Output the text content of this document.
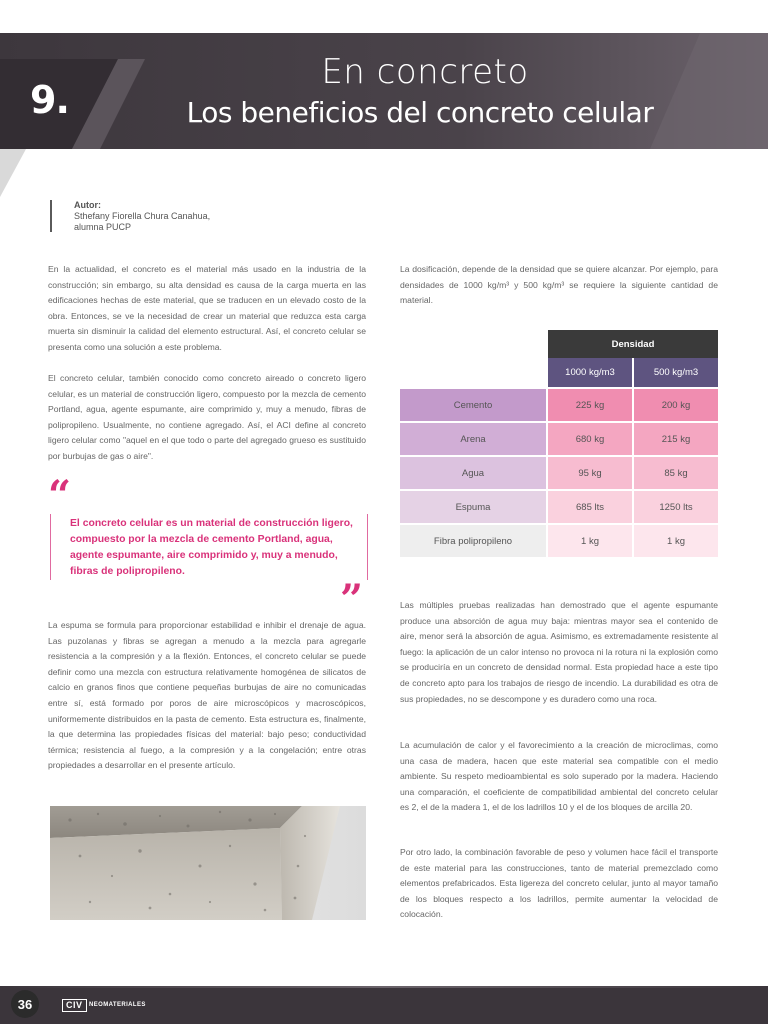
9.
En concreto
Los beneficios del concreto celular
Autor:
Sthefany Fiorella Chura Canahua,
alumna PUCP

En la actualidad, el concreto es el material más usado en la industria de la construcción; sin embargo, su alta densidad es causa de la carga muerta en las edificaciones hechas de este material, que se traducen en un elevado costo de la obra. Entonces, se ve la necesidad de crear un material que reduzca esta carga muerta sin disminuir la calidad del elemento estructural. Así, el concreto celular se presenta como una solución a este problema.

El concreto celular, también conocido como concreto aireado o concreto ligero celular, es un material de construcción ligero, compuesto por la mezcla de cemento Portland, agua, agente espumante, aire comprimido y, muy a menudo, fibras de polipropileno. Usualmente, no contiene agregado. Así, el ACI define al concreto ligero celular como "aquel en el que todo o parte del agregado grueso es sustituido por burbujas de gas o aire".

“
El concreto celular es un material de construcción ligero, compuesto por la mezcla de cemento Portland, agua, agente espumante, aire comprimido y, muy a menudo, fibras de polipropileno.
”

La espuma se formula para proporcionar estabilidad e inhibir el drenaje de agua. Las puzolanas y fibras se agregan a menudo a la mezcla para agregarle resistencia a la compresión y a la flexión. Entonces, el concreto celular se puede definir como una mezcla con estructura relativamente homogénea de silicatos de calcio en granos finos que contiene pequeñas burbujas de aire no comunicadas entre sí, está formado por poros de aire microscópicos y macroscópicos, uniformemente distribuidos en la pasta de cemento. Esta estructura es, finalmente, la que determina las propiedades físicas del material: bajo peso; conductividad térmica; resistencia al fuego, a la compresión y a la congelación; entre otras propiedades a desarrollar en el presente artículo.

La dosificación, depende de la densidad que se quiere alcanzar. Por ejemplo, para densidades de 1000 kg/m³ y 500 kg/m³ se requiere la siguiente cantidad de material.

Densidad
1000 kg/m3	500 kg/m3
Cemento	225 kg	200 kg
Arena	680 kg	215 kg
Agua	95 kg	85 kg
Espuma	685 lts	1250 lts
Fibra polipropileno	1 kg	1 kg

Las múltiples pruebas realizadas han demostrado que el agente espumante produce una absorción de agua muy baja: mientras mayor sea el contenido de aire, menor será la absorción de agua. Asimismo, es extremadamente resistente al fuego: la aplicación de un calor intenso no provoca ni la rotura ni la explosión como se produciría en un concreto de densidad normal. Esta propiedad hace a este tipo de concreto apto para los trabajos de riesgo de incendio. La durabilidad es otra de sus propiedades, no se descompone y es duradero como una roca.

La acumulación de calor y el favorecimiento a la creación de microclimas, como una casa de madera, hacen que este material sea compatible con el medio ambiente. Su respeto medioambiental es solo superado por la madera. Haciendo una comparación, el coeficiente de compatibilidad ambiental del concreto celular es 2, el de la madera 1, el de los ladrillos 10 y el de los bloques de arcilla 20.

Por otro lado, la combinación favorable de peso y volumen hace fácil el transporte de este material para las construcciones, tanto de material premezclado como elementos prefabricados. Esta ligereza del concreto celular, junto al mayor tamaño de los bloques respecto a los ladrillos, permite aumentar la velocidad de colocación.

36	CIV	NEOMATERIALES
